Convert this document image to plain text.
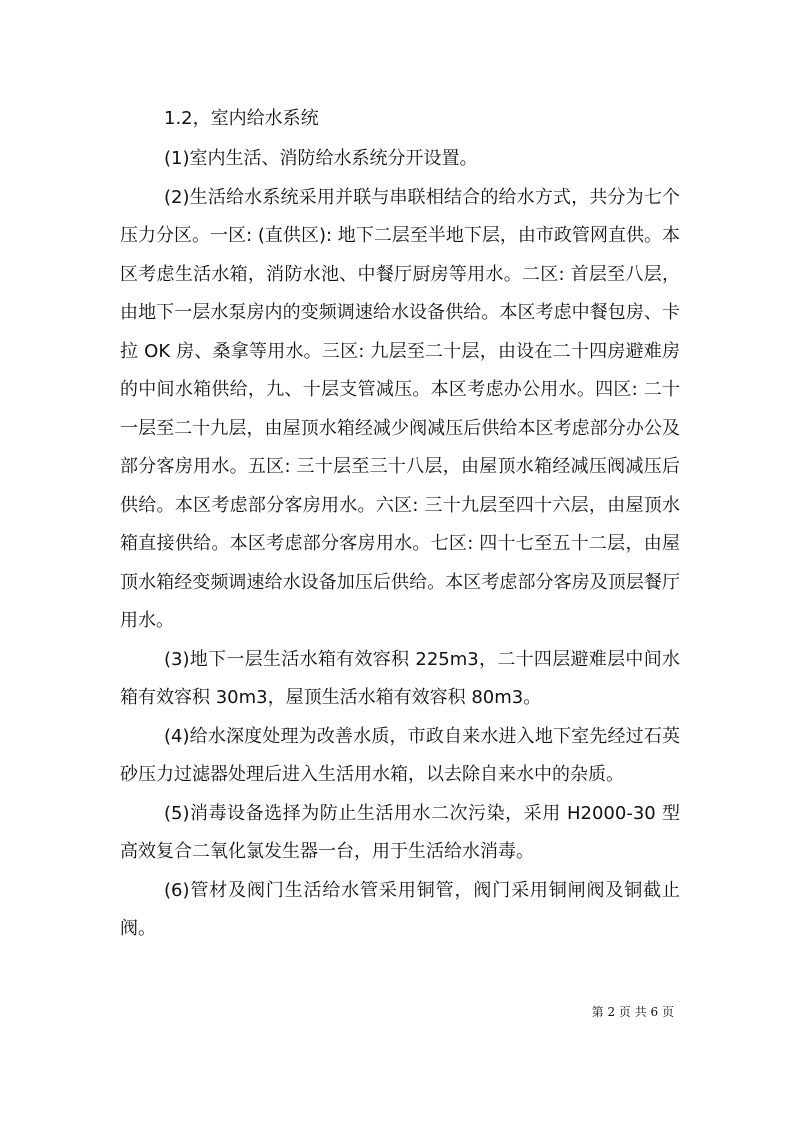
1.2，室内给水系统

(1)室内生活、消防给水系统分开设置。

(2)生活给水系统采用并联与串联相结合的给水方式，共分为七个压力分区。一区: (直供区): 地下二层至半地下层，由市政管网直供。本区考虑生活水箱，消防水池、中餐厅厨房等用水。二区: 首层至八层，由地下一层水泵房内的变频调速给水设备供给。本区考虑中餐包房、卡拉 OK 房、桑拿等用水。三区: 九层至二十层，由设在二十四房避难房的中间水箱供给，九、十层支管减压。本区考虑办公用水。四区: 二十一层至二十九层，由屋顶水箱经减少阀减压后供给本区考虑部分办公及部分客房用水。五区: 三十层至三十八层，由屋顶水箱经减压阀减压后供给。本区考虑部分客房用水。六区: 三十九层至四十六层，由屋顶水箱直接供给。本区考虑部分客房用水。七区: 四十七至五十二层，由屋顶水箱经变频调速给水设备加压后供给。本区考虑部分客房及顶层餐厅用水。

(3)地下一层生活水箱有效容积 225m3，二十四层避难层中间水箱有效容积 30m3，屋顶生活水箱有效容积 80m3。

(4)给水深度处理为改善水质，市政自来水进入地下室先经过石英砂压力过滤器处理后进入生活用水箱，以去除自来水中的杂质。

(5)消毒设备选择为防止生活用水二次污染，采用 H2000-30 型高效复合二氧化氯发生器一台，用于生活给水消毒。

(6)管材及阀门生活给水管采用铜管，阀门采用铜闸阀及铜截止阀。

第 2 页 共 6 页
